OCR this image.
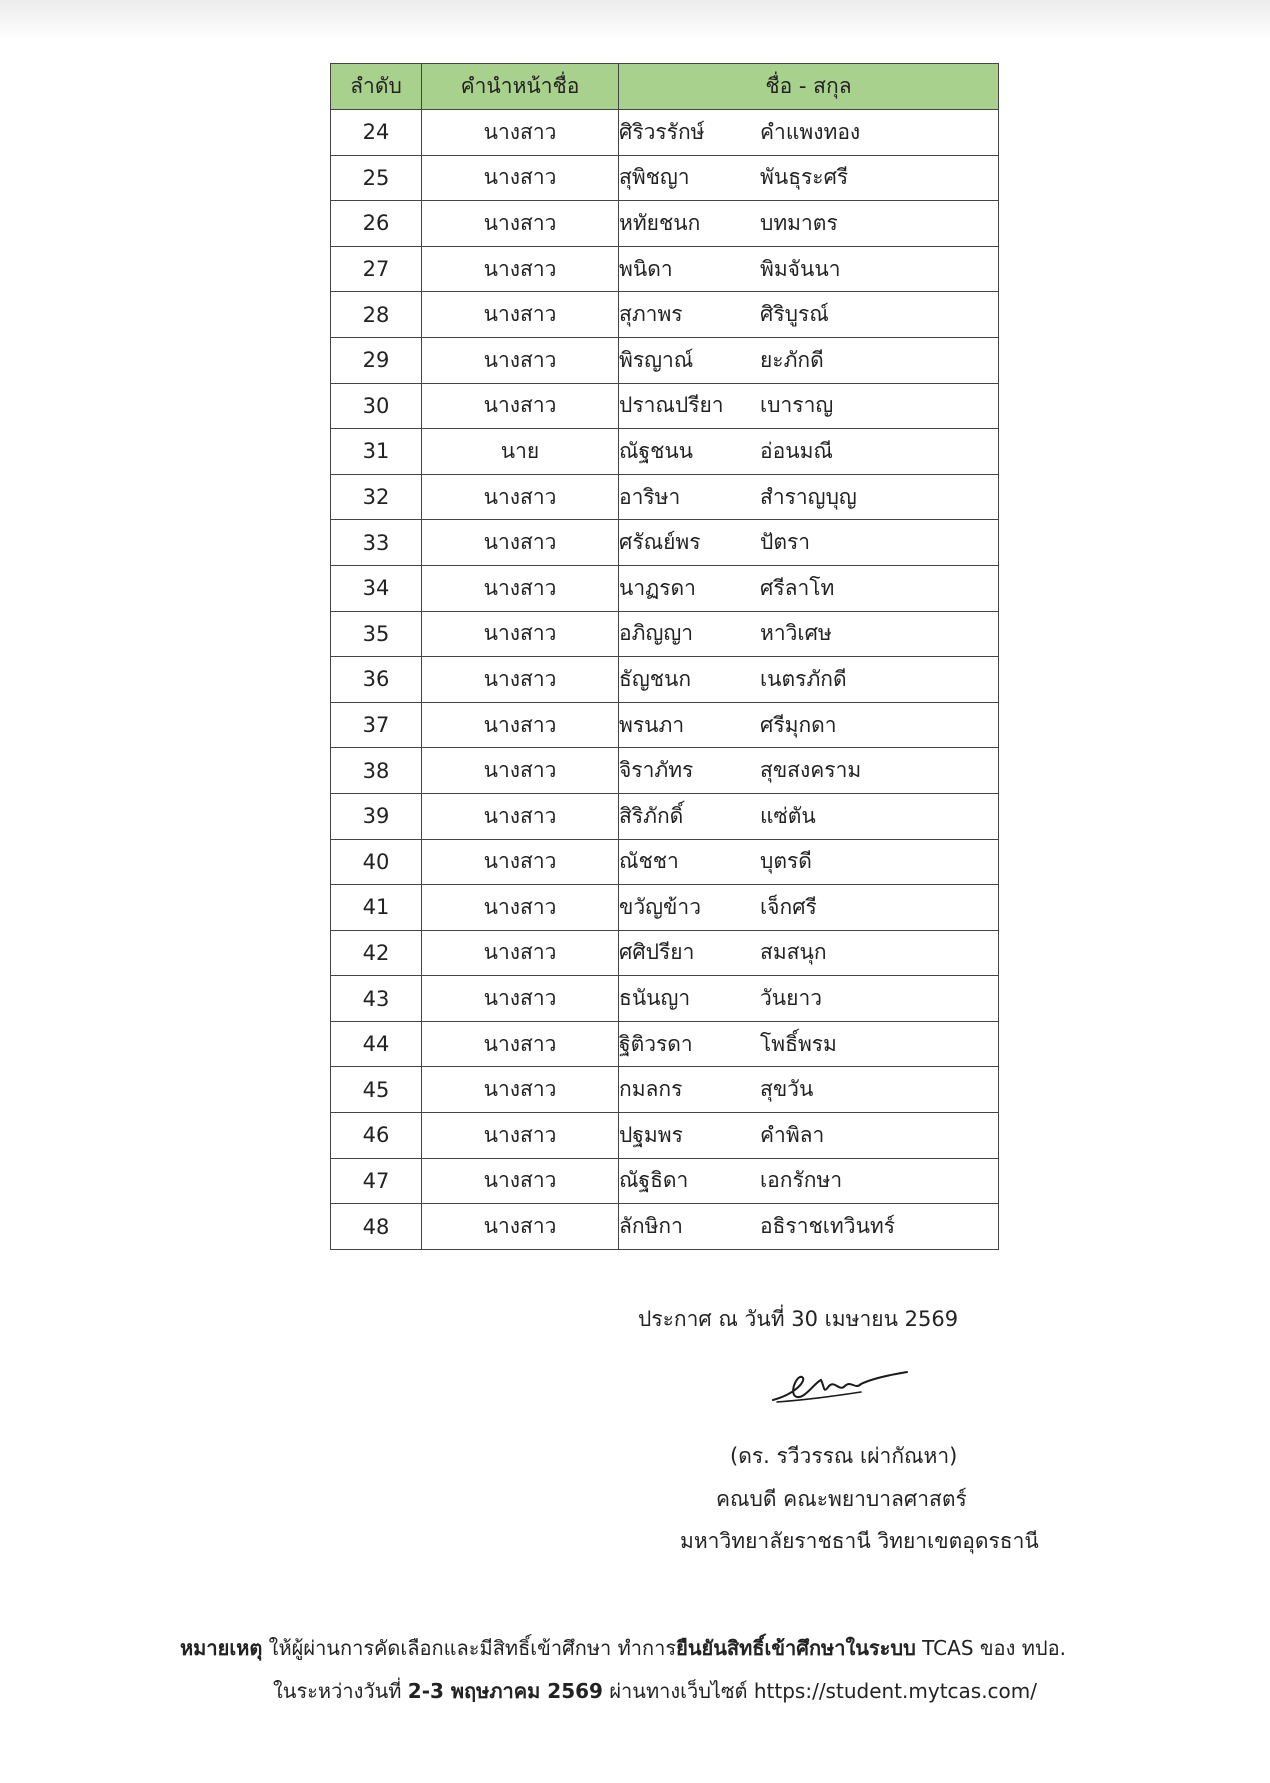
ลำดับ	คำนำหน้าชื่อ	ชื่อ - สกุล
24	นางสาว	ศิริวรรักษ์ คำแพงทอง
25	นางสาว	สุพิชญา พันธุระศรี
26	นางสาว	หทัยชนก บทมาตร
27	นางสาว	พนิดา พิมจันนา
28	นางสาว	สุภาพร ศิริบูรณ์
29	นางสาว	พิรญาณ์ ยะภักดี
30	นางสาว	ปราณปรียา เบาราญ
31	นาย	ณัฐชนน อ่อนมณี
32	นางสาว	อาริษา สำราญบุญ
33	นางสาว	ศรัณย์พร ปัตรา
34	นางสาว	นาฏรดา ศรีลาโท
35	นางสาว	อภิญญา หาวิเศษ
36	นางสาว	ธัญชนก เนตรภักดี
37	นางสาว	พรนภา ศรีมุกดา
38	นางสาว	จิราภัทร สุขสงคราม
39	นางสาว	สิริภักดิ์ แซ่ตัน
40	นางสาว	ณัชชา บุตรดี
41	นางสาว	ขวัญข้าว เจ็กศรี
42	นางสาว	ศศิปรียา สมสนุก
43	นางสาว	ธนันญา วันยาว
44	นางสาว	ฐิติวรดา โพธิ์พรม
45	นางสาว	กมลกร สุขวัน
46	นางสาว	ปฐมพร คำพิลา
47	นางสาว	ณัฐธิดา เอกรักษา
48	นางสาว	ลักษิกา อธิราชเทวินทร์
ประกาศ ณ วันที่ 30 เมษายน 2569
(ดร. รวีวรรณ เผ่ากัณหา)
คณบดี คณะพยาบาลศาสตร์
มหาวิทยาลัยราชธานี วิทยาเขตอุดรธานี
หมายเหตุ ให้ผู้ผ่านการคัดเลือกและมีสิทธิ์เข้าศึกษา ทำการยืนยันสิทธิ์เข้าศึกษาในระบบ TCAS ของ ทปอ.
ในระหว่างวันที่ 2-3 พฤษภาคม 2569 ผ่านทางเว็บไซต์ https://student.mytcas.com/
